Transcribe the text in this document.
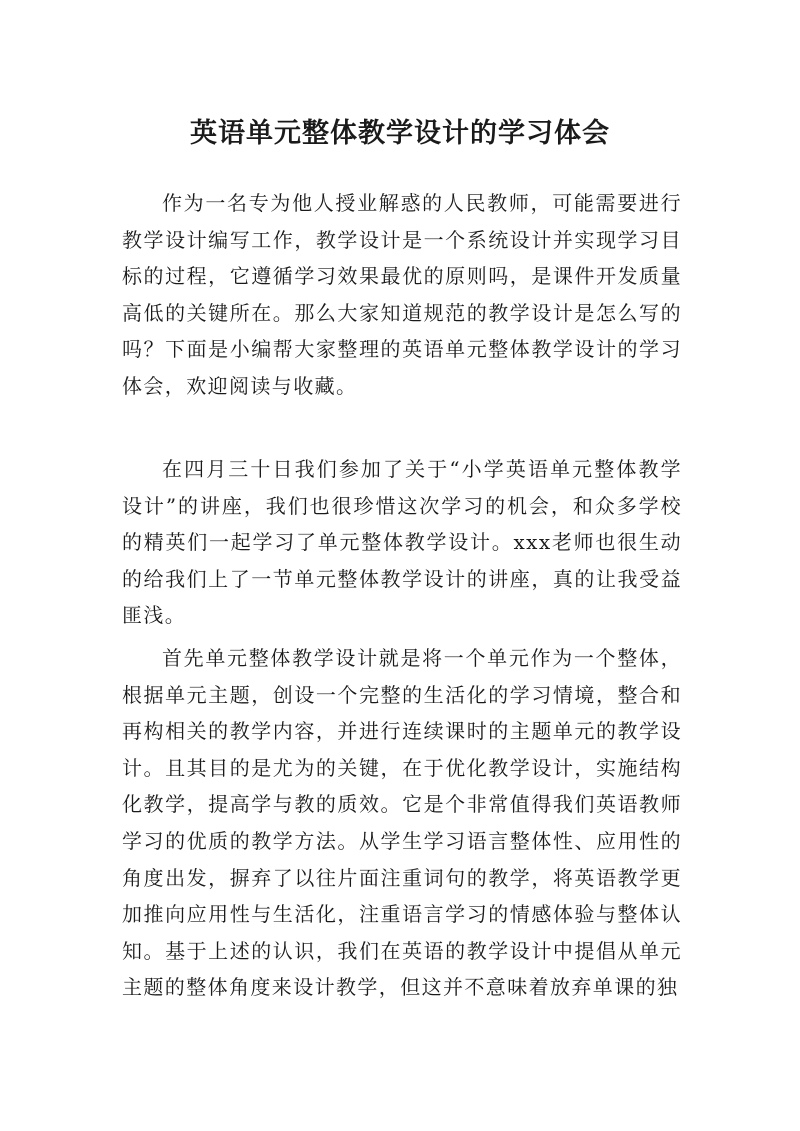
英语单元整体教学设计的学习体会

作为一名专为他人授业解惑的人民教师，可能需要进行教学设计编写工作，教学设计是一个系统设计并实现学习目标的过程，它遵循学习效果最优的原则吗，是课件开发质量高低的关键所在。那么大家知道规范的教学设计是怎么写的吗？下面是小编帮大家整理的英语单元整体教学设计的学习体会，欢迎阅读与收藏。

在四月三十日我们参加了关于“小学英语单元整体教学设计”的讲座，我们也很珍惜这次学习的机会，和众多学校的精英们一起学习了单元整体教学设计。xxx老师也很生动的给我们上了一节单元整体教学设计的讲座，真的让我受益匪浅。

首先单元整体教学设计就是将一个单元作为一个整体，根据单元主题，创设一个完整的生活化的学习情境，整合和再构相关的教学内容，并进行连续课时的主题单元的教学设计。且其目的是尤为的关键，在于优化教学设计，实施结构化教学，提高学与教的质效。它是个非常值得我们英语教师学习的优质的教学方法。从学生学习语言整体性、应用性的角度出发，摒弃了以往片面注重词句的教学，将英语教学更加推向应用性与生活化，注重语言学习的情感体验与整体认知。基于上述的认识，我们在英语的教学设计中提倡从单元主题的整体角度来设计教学，但这并不意味着放弃单课的独
